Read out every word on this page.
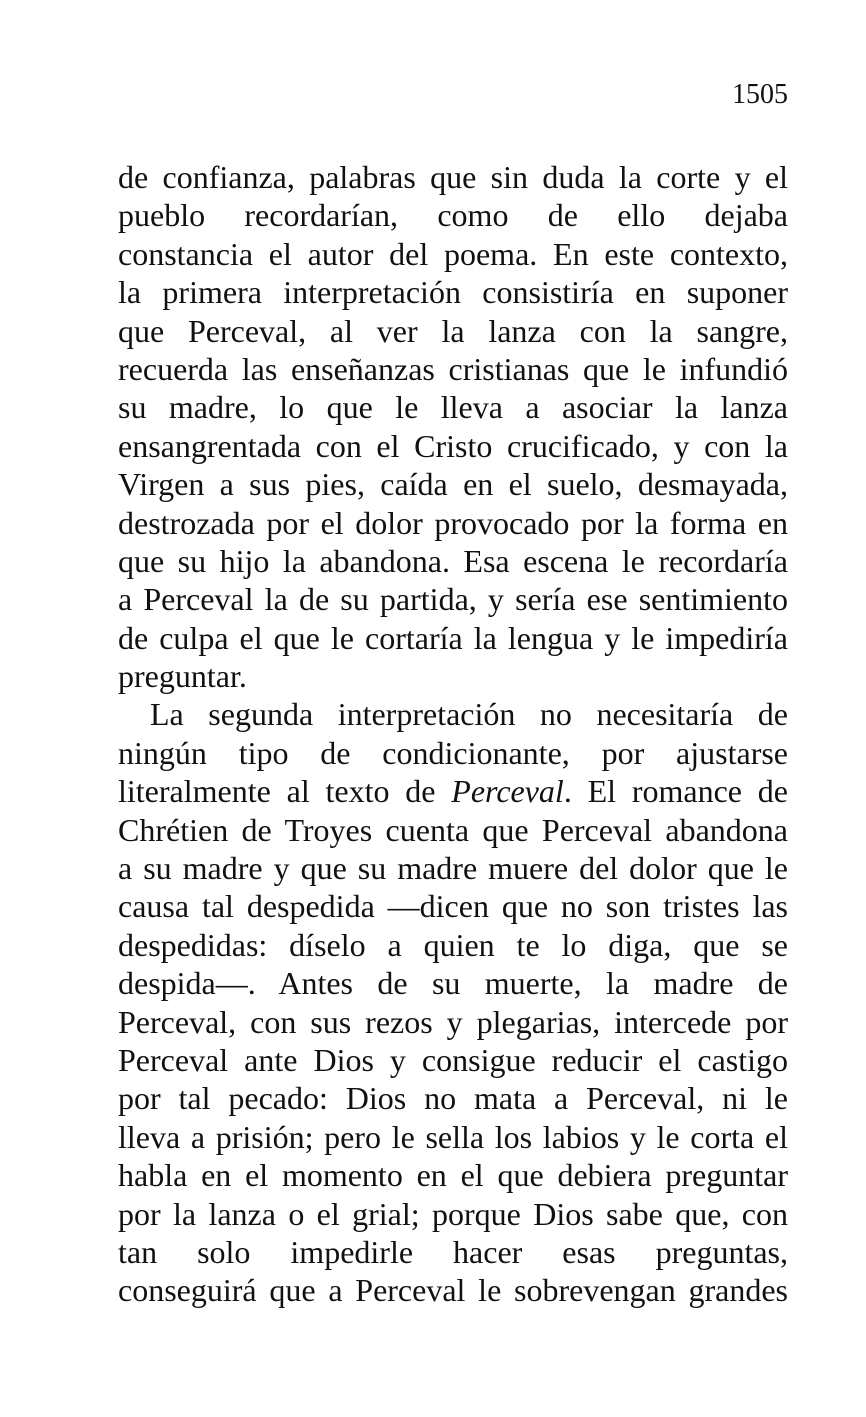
1505
de confianza, palabras que sin duda la corte y el
pueblo recordarían, como de ello dejaba
constancia el autor del poema. En este contexto,
la primera interpretación consistiría en suponer
que Perceval, al ver la lanza con la sangre,
recuerda las enseñanzas cristianas que le infundió
su madre, lo que le lleva a asociar la lanza
ensangrentada con el Cristo crucificado, y con la
Virgen a sus pies, caída en el suelo, desmayada,
destrozada por el dolor provocado por la forma en
que su hijo la abandona. Esa escena le recordaría
a Perceval la de su partida, y sería ese sentimiento
de culpa el que le cortaría la lengua y le impediría
preguntar.
La segunda interpretación no necesitaría de
ningún tipo de condicionante, por ajustarse
literalmente al texto de Perceval. El romance de
Chrétien de Troyes cuenta que Perceval abandona
a su madre y que su madre muere del dolor que le
causa tal despedida —dicen que no son tristes las
despedidas: díselo a quien te lo diga, que se
despida—. Antes de su muerte, la madre de
Perceval, con sus rezos y plegarias, intercede por
Perceval ante Dios y consigue reducir el castigo
por tal pecado: Dios no mata a Perceval, ni le
lleva a prisión; pero le sella los labios y le corta el
habla en el momento en el que debiera preguntar
por la lanza o el grial; porque Dios sabe que, con
tan solo impedirle hacer esas preguntas,
conseguirá que a Perceval le sobrevengan grandes
